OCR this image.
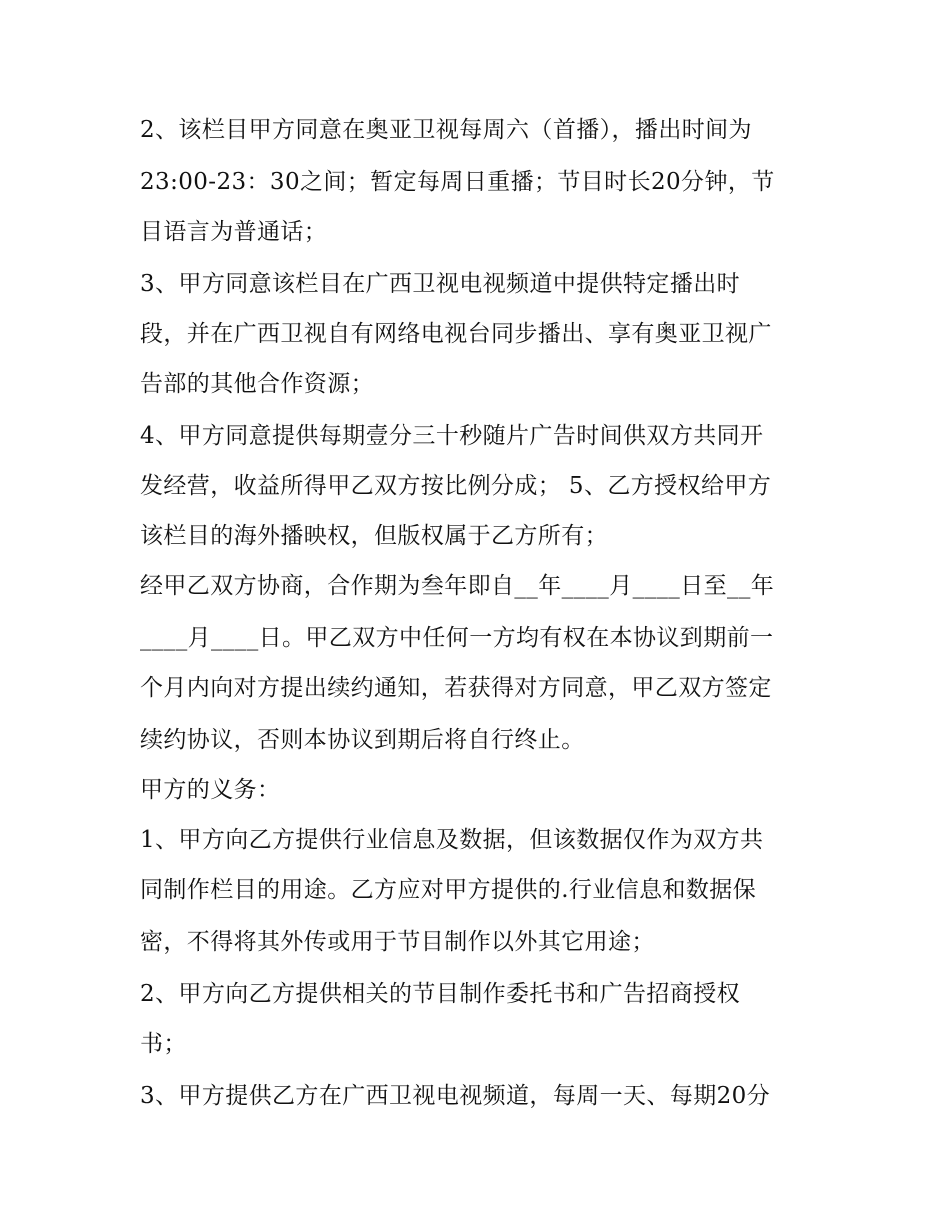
2、该栏目甲方同意在奥亚卫视每周六（首播），播出时间为
23:00-23：30之间；暂定每周日重播；节目时长20分钟，节
目语言为普通话；
3、甲方同意该栏目在广西卫视电视频道中提供特定播出时
段，并在广西卫视自有网络电视台同步播出、享有奥亚卫视广
告部的其他合作资源；
4、甲方同意提供每期壹分三十秒随片广告时间供双方共同开
发经营，收益所得甲乙双方按比例分成； 5、乙方授权给甲方
该栏目的海外播映权，但版权属于乙方所有；
经甲乙双方协商，合作期为叁年即自__年____月____日至__年
____月____日。甲乙双方中任何一方均有权在本协议到期前一
个月内向对方提出续约通知，若获得对方同意，甲乙双方签定
续约协议，否则本协议到期后将自行终止。
甲方的义务：
1、甲方向乙方提供行业信息及数据，但该数据仅作为双方共
同制作栏目的用途。乙方应对甲方提供的.行业信息和数据保
密，不得将其外传或用于节目制作以外其它用途；
2、甲方向乙方提供相关的节目制作委托书和广告招商授权
书；
3、甲方提供乙方在广西卫视电视频道，每周一天、每期20分
